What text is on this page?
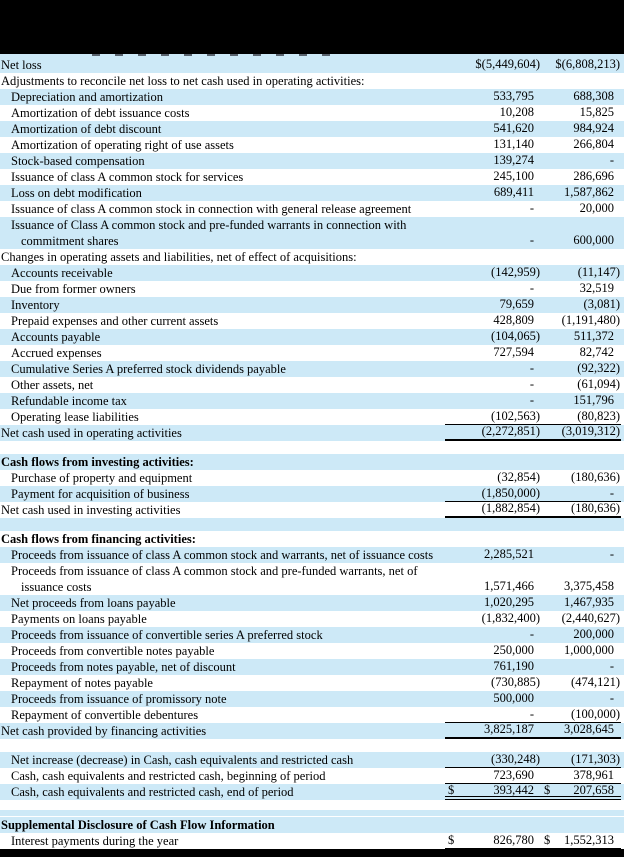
Net loss	$(5,449,604)	$(6,808,213)
Adjustments to reconcile net loss to net cash used in operating activities:
Depreciation and amortization	533,795	688,308
Amortization of debt issuance costs	10,208	15,825
Amortization of debt discount	541,620	984,924
Amortization of operating right of use assets	131,140	266,804
Stock-based compensation	139,274	-
Issuance of class A common stock for services	245,100	286,696
Loss on debt modification	689,411	1,587,862
Issuance of class A common stock in connection with general release agreement	-	20,000
Issuance of Class A common stock and pre-funded warrants in connection with
commitment shares	-	600,000
Changes in operating assets and liabilities, net of effect of acquisitions:
Accounts receivable	(142,959)	(11,147)
Due from former owners	-	32,519
Inventory	79,659	(3,081)
Prepaid expenses and other current assets	428,809	(1,191,480)
Accounts payable	(104,065)	511,372
Accrued expenses	727,594	82,742
Cumulative Series A preferred stock dividends payable	-	(92,322)
Other assets, net	-	(61,094)
Refundable income tax	-	151,796
Operating lease liabilities	(102,563)	(80,823)
Net cash used in operating activities	(2,272,851)	(3,019,312)
Cash flows from investing activities:
Purchase of property and equipment	(32,854)	(180,636)
Payment for acquisition of business	(1,850,000)	-
Net cash used in investing activities	(1,882,854)	(180,636)
Cash flows from financing activities:
Proceeds from issuance of class A common stock and warrants, net of issuance costs	2,285,521	-
Proceeds from issuance of class A common stock and pre-funded warrants, net of
issuance costs	1,571,466	3,375,458
Net proceeds from loans payable	1,020,295	1,467,935
Payments on loans payable	(1,832,400)	(2,440,627)
Proceeds from issuance of convertible series A preferred stock	-	200,000
Proceeds from convertible notes payable	250,000	1,000,000
Proceeds from notes payable, net of discount	761,190	-
Repayment of notes payable	(730,885)	(474,121)
Proceeds from issuance of promissory note	500,000	-
Repayment of convertible debentures	-	(100,000)
Net cash provided by financing activities	3,825,187	3,028,645
Net increase (decrease) in Cash, cash equivalents and restricted cash	(330,248)	(171,303)
Cash, cash equivalents and restricted cash, beginning of period	723,690	378,961
Cash, cash equivalents and restricted cash, end of period	$	393,442 $ 207,658
Supplemental Disclosure of Cash Flow Information
Interest payments during the year	$	826,780 $ 1,552,313
